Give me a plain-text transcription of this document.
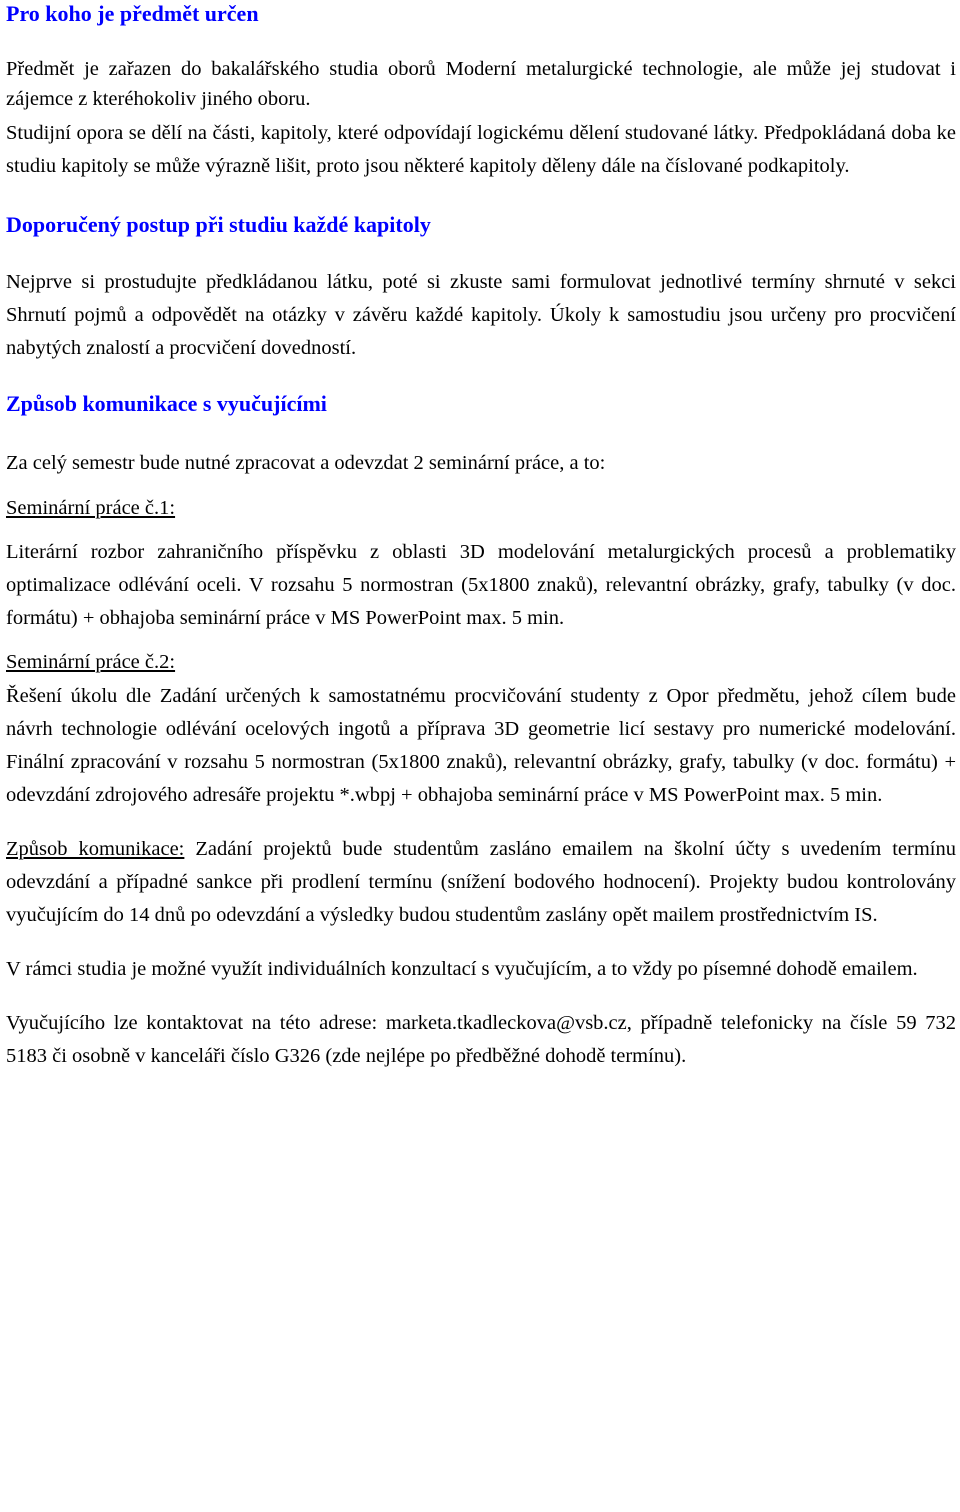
Pro koho je předmět určen

Předmět je zařazen do bakalářského studia oborů Moderní metalurgické technologie, ale může jej studovat i zájemce z kteréhokoliv jiného oboru.

Studijní opora se dělí na části, kapitoly, které odpovídají logickému dělení studované látky. Předpokládaná doba ke studiu kapitoly se může výrazně lišit, proto jsou některé kapitoly děleny dále na číslované podkapitoly.

Doporučený postup při studiu každé kapitoly

Nejprve si prostudujte předkládanou látku, poté si zkuste sami formulovat jednotlivé termíny shrnuté v sekci Shrnutí pojmů a odpovědět na otázky v závěru každé kapitoly. Úkoly k samostudiu jsou určeny pro procvičení nabytých znalostí a procvičení dovedností.

Způsob komunikace s vyučujícími

Za celý semestr bude nutné zpracovat a odevzdat 2 seminární práce, a to:

Seminární práce č.1:

Literární rozbor zahraničního příspěvku z oblasti 3D modelování metalurgických procesů a problematiky optimalizace odlévání oceli. V rozsahu 5 normostran (5x1800 znaků), relevantní obrázky, grafy, tabulky (v doc. formátu) + obhajoba seminární práce v MS PowerPoint max. 5 min.

Seminární práce č.2:

Řešení úkolu dle Zadání určených k samostatnému procvičování studenty z Opor předmětu, jehož cílem bude návrh technologie odlévání ocelových ingotů a příprava 3D geometrie licí sestavy pro numerické modelování. Finální zpracování v rozsahu 5 normostran (5x1800 znaků), relevantní obrázky, grafy, tabulky (v doc. formátu) + odevzdání zdrojového adresáře projektu *.wbpj + obhajoba seminární práce v MS PowerPoint max. 5 min.

Způsob komunikace: Zadání projektů bude studentům zasláno emailem na školní účty s uvedením termínu odevzdání a případné sankce při prodlení termínu (snížení bodového hodnocení). Projekty budou kontrolovány vyučujícím do 14 dnů po odevzdání a výsledky budou studentům zaslány opět mailem prostřednictvím IS.

V rámci studia je možné využít individuálních konzultací s vyučujícím, a to vždy po písemné dohodě emailem.

Vyučujícího lze kontaktovat na této adrese: marketa.tkadleckova@vsb.cz, případně telefonicky na čísle 59 732 5183 či osobně v kanceláři číslo G326 (zde nejlépe po předběžné dohodě termínu).
